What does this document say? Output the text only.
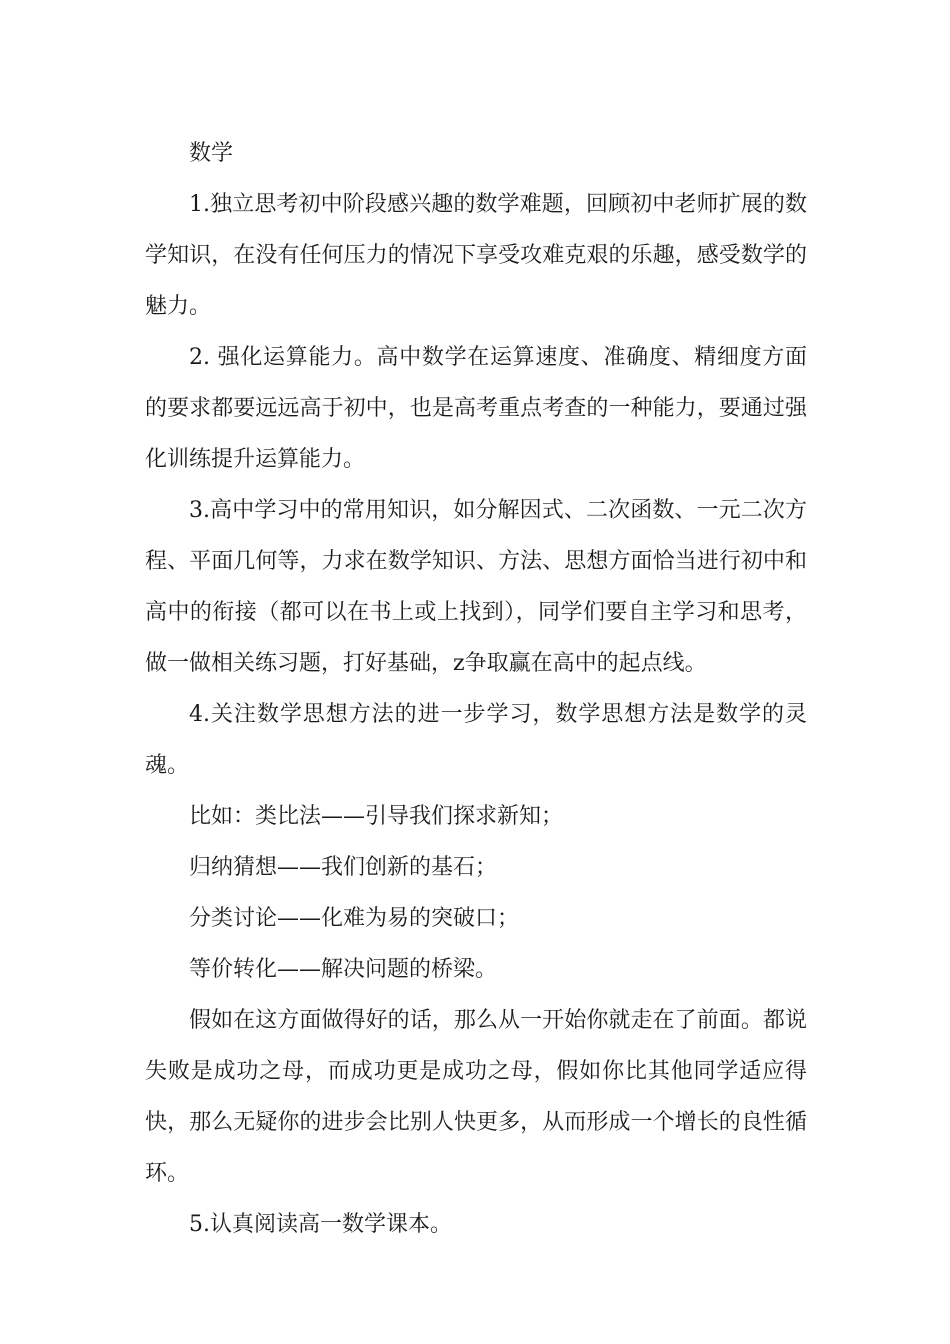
数学

1.独立思考初中阶段感兴趣的数学难题，回顾初中老师扩展的数学知识，在没有任何压力的情况下享受攻难克艰的乐趣，感受数学的魅力。

2. 强化运算能力。高中数学在运算速度、准确度、精细度方面的要求都要远远高于初中，也是高考重点考查的一种能力，要通过强化训练提升运算能力。

3.高中学习中的常用知识，如分解因式、二次函数、一元二次方程、平面几何等，力求在数学知识、方法、思想方面恰当进行初中和高中的衔接（都可以在书上或上找到），同学们要自主学习和思考，做一做相关练习题，打好基础，z争取赢在高中的起点线。

4.关注数学思想方法的进一步学习，数学思想方法是数学的灵魂。

比如：类比法——引导我们探求新知；

归纳猜想——我们创新的基石；

分类讨论——化难为易的突破口；

等价转化——解决问题的桥梁。

假如在这方面做得好的话，那么从一开始你就走在了前面。都说失败是成功之母，而成功更是成功之母，假如你比其他同学适应得快，那么无疑你的进步会比别人快更多，从而形成一个增长的良性循环。

5.认真阅读高一数学课本。
